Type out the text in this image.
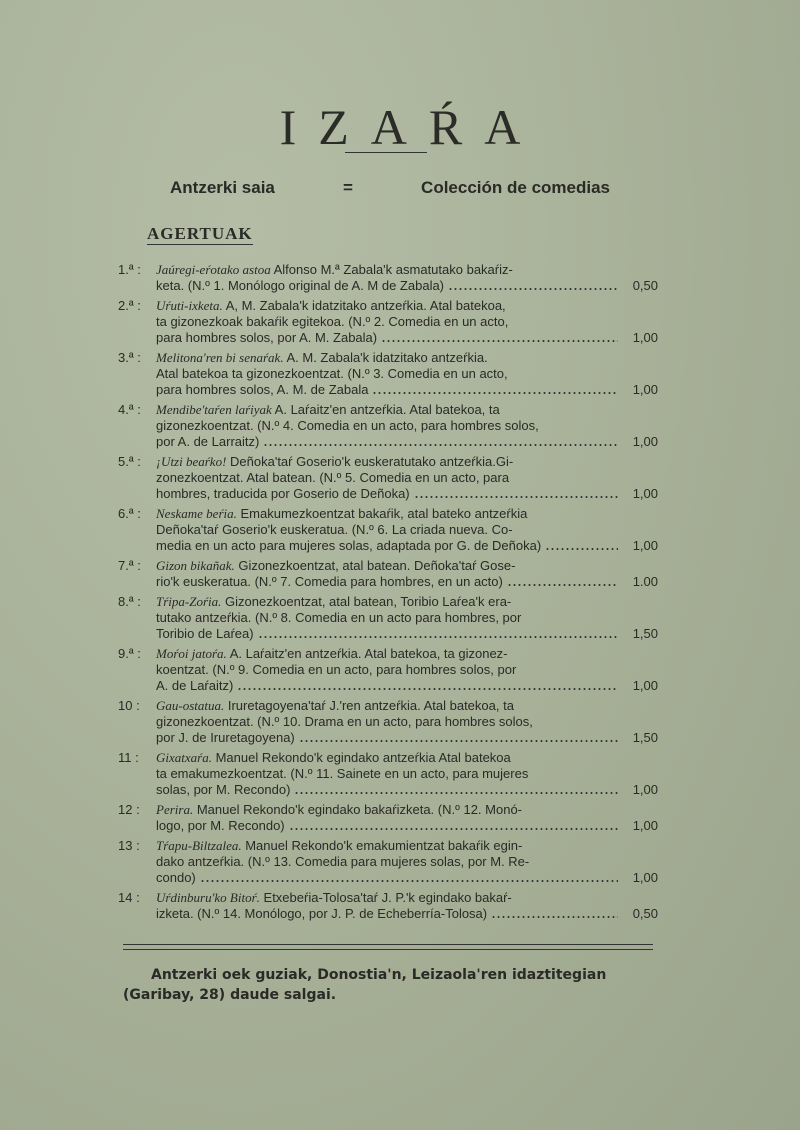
IZAŔA
Antzerki saia	=	Colección de comedias
AGERTUAK
1.ª :	Jaúregi-eŕotako astoa Alfonso M.ª Zabala'k asmatutako bakaŕiz-
keta. (N.º 1. Monólogo original de A. M de Zabala)	0,50
2.ª :	Uŕuti-ixketa. A, M. Zabala'k idatzitako antzeŕkia. Atal batekoa,
ta gizonezkoak bakaŕik egitekoa. (N.º 2. Comedia en un acto,
para hombres solos, por A. M. Zabala)	1,00
3.ª :	Melitona'ren bi senaŕak. A. M. Zabala'k idatzitako antzeŕkia.
Atal batekoa ta gizonezkoentzat. (N.º 3. Comedia en un acto,
para hombres solos, A. M. de Zabala	1,00
4.ª :	Mendibe'taŕen laŕiyak A. Laŕaitz'en antzeŕkia. Atal batekoa, ta
gizonezkoentzat. (N.º 4. Comedia en un acto, para hombres solos,
por A. de Larraitz)	1,00
5.ª :	¡Utzi beaŕko! Deñoka'taŕ Goserio'k euskeratutako antzeŕkia.Gi-
zonezkoentzat. Atal batean. (N.º 5. Comedia en un acto, para
hombres, traducida por Goserio de Deñoka)	1,00
6.ª :	Neskame beŕia. Emakumezkoentzat bakaŕik, atal bateko antzeŕkia
Deñoka'taŕ Goserio'k euskeratua. (N.º 6. La criada nueva. Co-
media en un acto para mujeres solas, adaptada por G. de Deñoka)	1,00
7.ª :	Gizon bikañak. Gizonezkoentzat, atal batean. Deñoka'taŕ Gose-
rio'k euskeratua. (N.º 7. Comedia para hombres, en un acto)	1.00
8.ª :	Tŕipa-Zoŕia. Gizonezkoentzat, atal batean, Toribio Laŕea'k era-
tutako antzeŕkia. (N.º 8. Comedia en un acto para hombres, por
Toribio de Laŕea)	1,50
9.ª :	Moŕoi jatoŕa. A. Laŕaitz'en antzeŕkia. Atal batekoa, ta gizonez-
koentzat. (N.º 9. Comedia en un acto, para hombres solos, por
A. de Laŕaitz)	1,00
10 :	Gau-ostatua. Iruretagoyena'taŕ J.'ren antzeŕkia. Atal batekoa, ta
gizonezkoentzat. (N.º 10. Drama en un acto, para hombres solos,
por J. de Iruretagoyena)	1,50
11 :	Gixatxaŕa. Manuel Rekondo'k egindako antzeŕkia Atal batekoa
ta emakumezkoentzat. (N.º 11. Sainete en un acto, para mujeres
solas, por M. Recondo)	1,00
12 :	Perira. Manuel Rekondo'k egindako bakaŕizketa. (N.º 12. Monó-
logo, por M. Recondo)	1,00
13 :	Tŕapu-Biltzalea. Manuel Rekondo'k emakumientzat bakaŕik egin-
dako antzeŕkia. (N.º 13. Comedia para mujeres solas, por M. Re-
condo)	1,00
14 :	Uŕdinburu'ko Bitoŕ. Etxebeŕia-Tolosa'taŕ J. P.'k egindako bakaŕ-
izketa. (N.º 14. Monólogo, por J. P. de Echeberría-Tolosa)	0,50

Antzerki oek guziak, Donostia'n, Leizaola'ren idaztitegian

(Garibay, 28) daude salgai.
